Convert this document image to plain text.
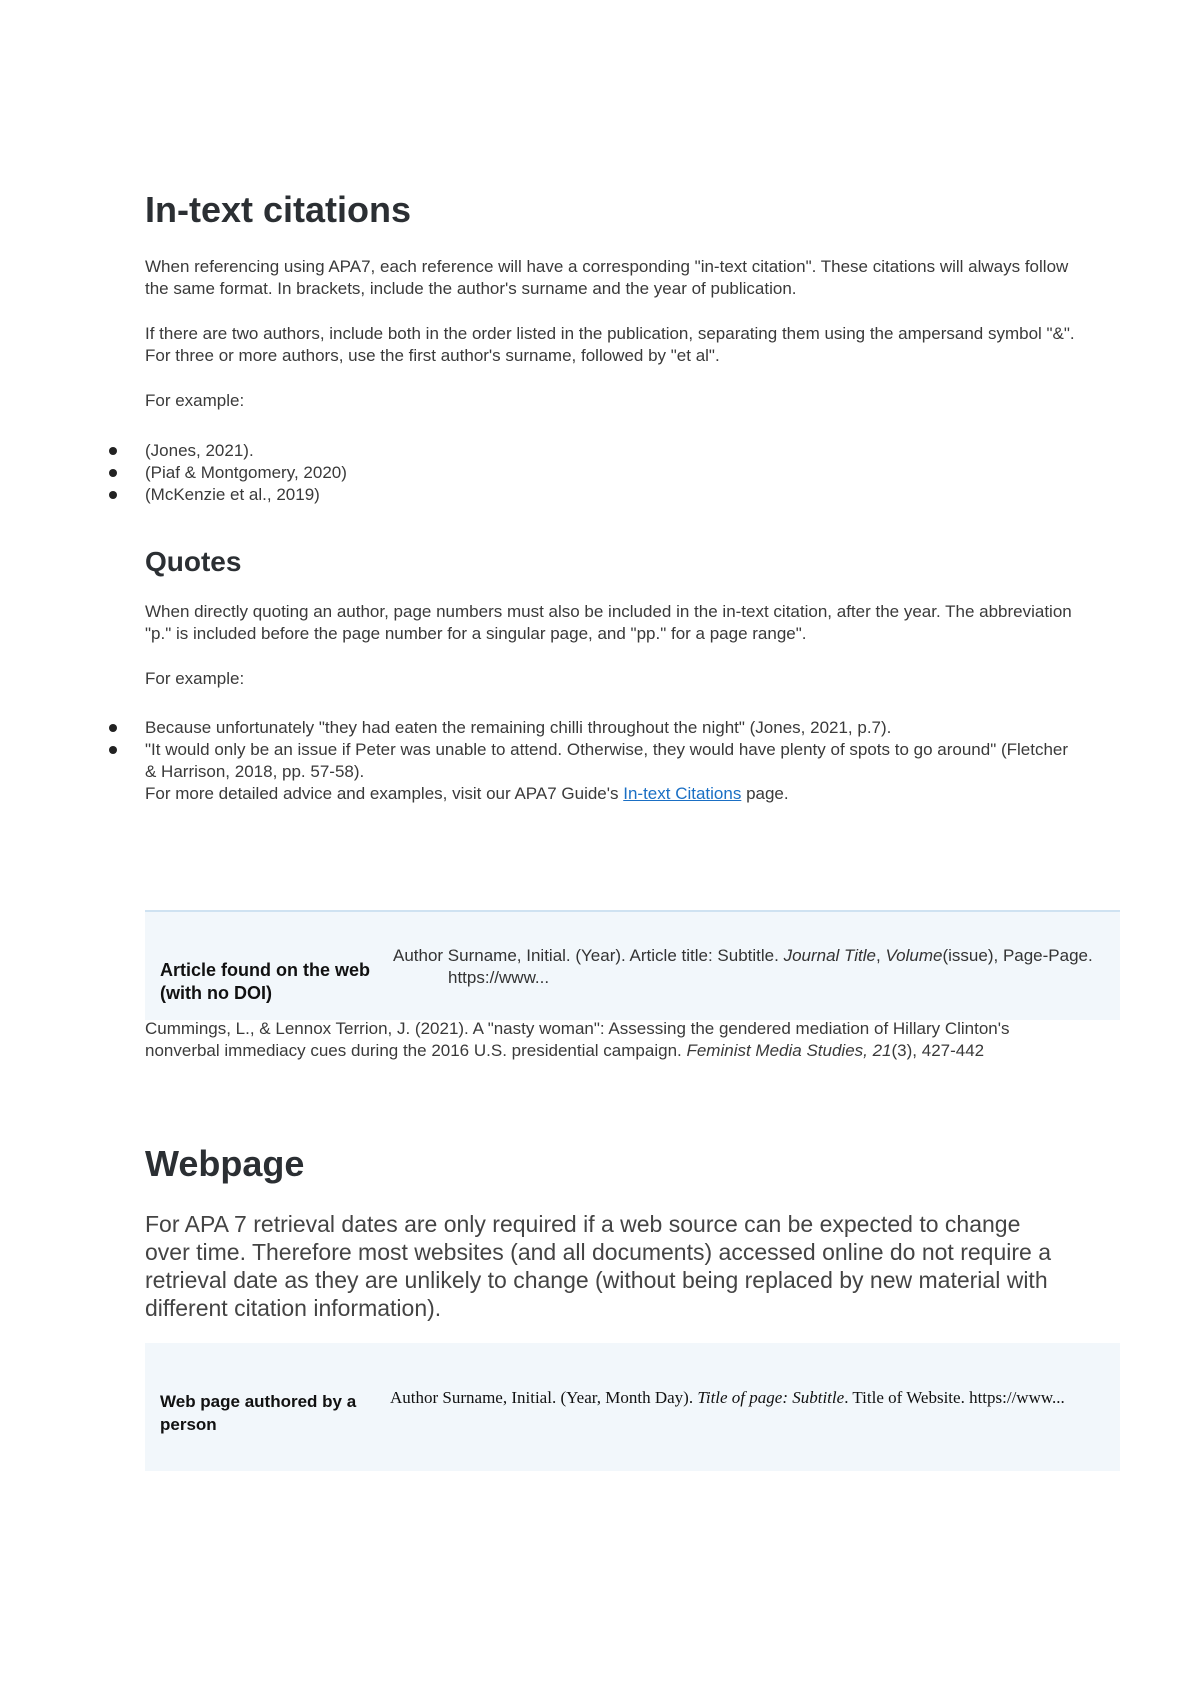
In-text citations

When referencing using APA7, each reference will have a corresponding "in-text citation". These citations will always follow the same format. In brackets, include the author's surname and the year of publication.

If there are two authors, include both in the order listed in the publication, separating them using the ampersand symbol "&". For three or more authors, use the first author's surname, followed by "et al".

For example:

(Jones, 2021).
(Piaf & Montgomery, 2020)
(McKenzie et al., 2019)
Quotes

When directly quoting an author, page numbers must also be included in the in-text citation, after the year. The abbreviation "p." is included before the page number for a singular page, and "pp." for a page range".

For example:

Because unfortunately "they had eaten the remaining chilli throughout the night" (Jones, 2021, p.7).
"It would only be an issue if Peter was unable to attend. Otherwise, they would have plenty of spots to go around" (Fletcher & Harrison, 2018, pp. 57-58).

For more detailed advice and examples, visit our APA7 Guide's In-text Citations page.

Article found on the web (with no DOI)
Author Surname, Initial. (Year). Article title: Subtitle. Journal Title, Volume(issue), Page-Page. https://www...

Cummings, L., & Lennox Terrion, J. (2021). A "nasty woman": Assessing the gendered mediation of Hillary Clinton's nonverbal immediacy cues during the 2016 U.S. presidential campaign. Feminist Media Studies, 21(3), 427-442

Webpage

For APA 7 retrieval dates are only required if a web source can be expected to change over time. Therefore most websites (and all documents) accessed online do not require a retrieval date as they are unlikely to change (without being replaced by new material with different citation information).

Web page authored by a person
Author Surname, Initial. (Year, Month Day). Title of page: Subtitle. Title of Website. https://www...
